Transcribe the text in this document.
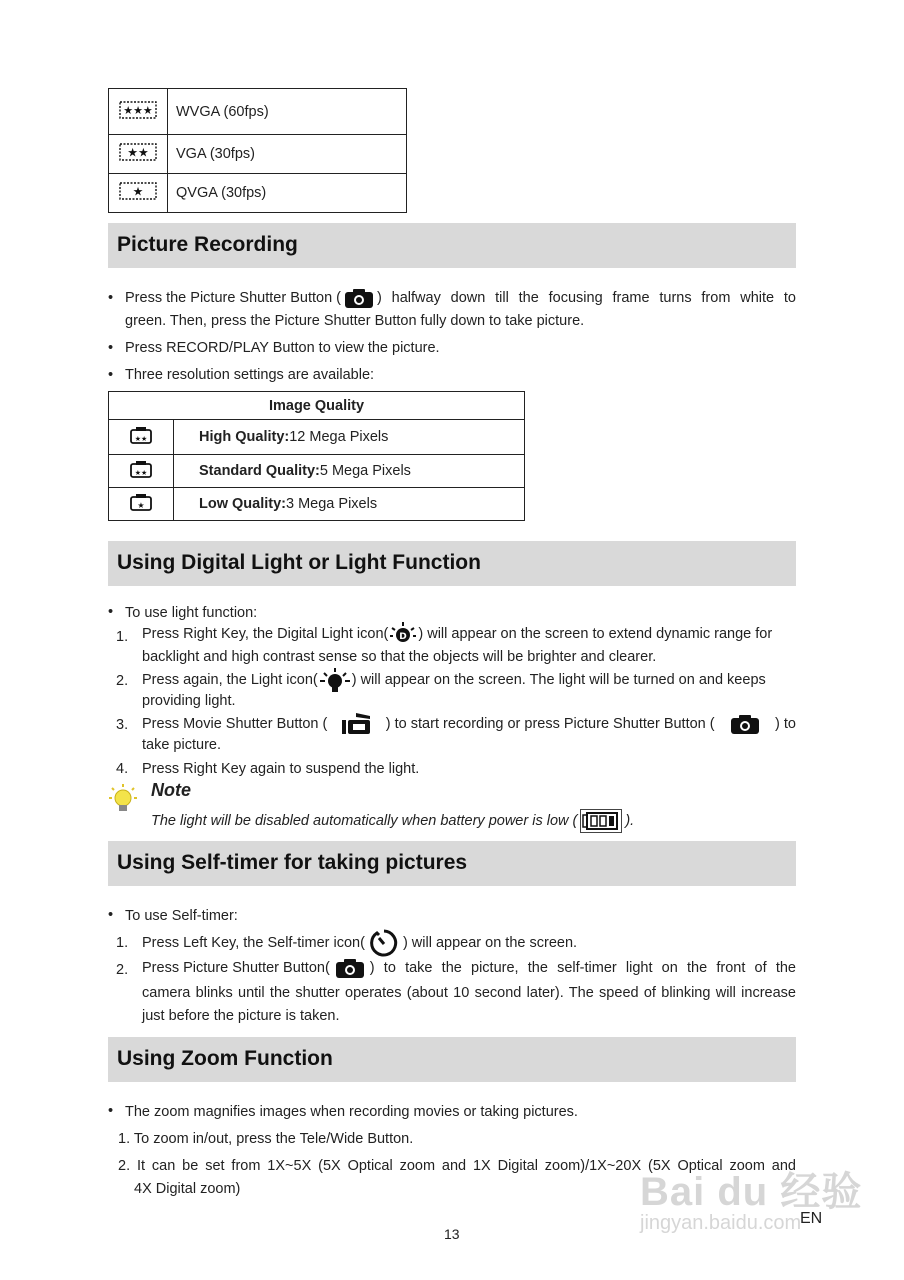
★★★	WVGA (60fps)

★★	VGA (30fps)

★	QVGA (30fps)
Picture Recording
• Press the Picture Shutter Button ( ) halfway down till the focusing frame turns from white to
green. Then, press the Picture Shutter Button fully down to take picture.
• Press RECORD/PLAY Button to view the picture.
• Three resolution settings are available:
Image Quality	

★★	High Quality:12 Mega Pixels

★★	Standard Quality:5 Mega Pixels

★	Low Quality:3 Mega Pixels
Using Digital Light or Light Function
• To use light function:
1. Press Right Key, the Digital Light icon( D ) will appear on the screen to extend dynamic range for
backlight and high contrast sense so that the objects will be brighter and clearer.
2. Press again, the Light icon( ) will appear on the screen. The light will be turned on and keeps
providing light.
3. Press Movie Shutter Button (	) to start recording or press Picture Shutter Button (	) to
take picture.
4. Press Right Key again to suspend the light.
Note
The light will be disabled automatically when battery power is low (	).
Using Self-timer for taking pictures
• To use Self-timer:
1. Press Left Key, the Self-timer icon(	) will appear on the screen.
2. Press Picture Shutter Button(	) to take the picture, the self-timer light on the front of the
camera blinks until the shutter operates (about 10 second later). The speed of blinking will increase
just before the picture is taken.
Using Zoom Function
• The zoom magnifies images when recording movies or taking pictures.
1. To zoom in/out, press the Tele/Wide Button.
2. It can be set from 1X~5X (5X Optical zoom and 1X Digital zoom)/1X~20X (5X Optical zoom and
4X Digital zoom)	Bai du 经验
jingyan.baidu.com
13
EN
